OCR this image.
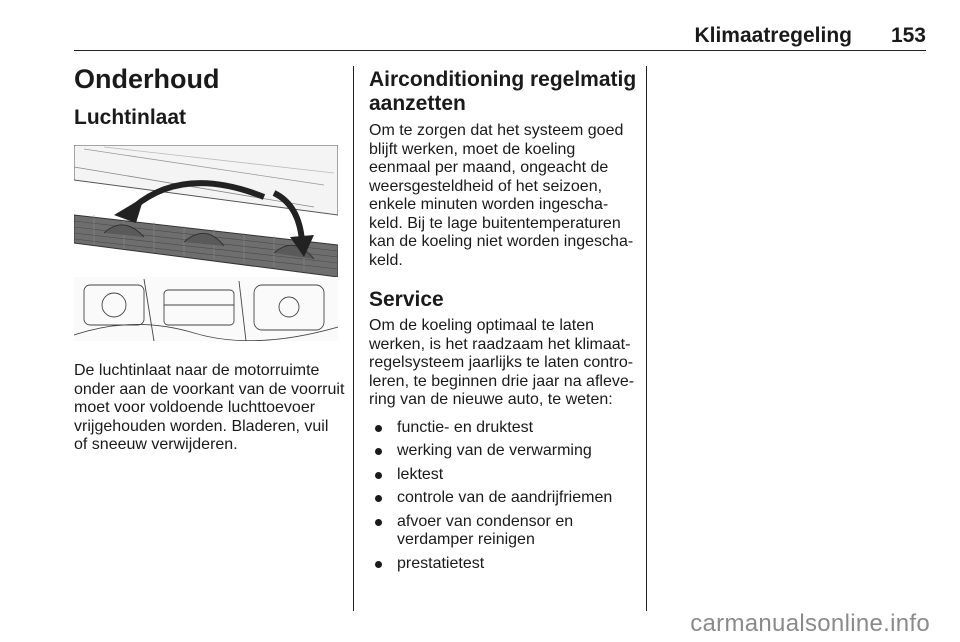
Klimaatregeling 153
Onderhoud
Luchtinlaat

De luchtinlaat naar de motorruimte
onder aan de voorkant van de voorruit
moet voor voldoende luchttoevoer
vrijgehouden worden. Bladeren, vuil
of sneeuw verwijderen.

Airconditioning regelmatig
aanzetten

Om te zorgen dat het systeem goed
blijft werken, moet de koeling
eenmaal per maand, ongeacht de
weersgesteldheid of het seizoen,
enkele minuten worden ingescha-
keld. Bij te lage buitentemperaturen
kan de koeling niet worden ingescha-
keld.

Service

Om de koeling optimaal te laten
werken, is het raadzaam het klimaat-
regelsysteem jaarlijks te laten contro-
leren, te beginnen drie jaar na afleve-
ring van de nieuwe auto, te weten:

functie- en druktest
werking van de verwarming
lektest
controle van de aandrijfriemen
afvoer van condensor en
verdamper reinigen
prestatietest
carmanualsonline.info
